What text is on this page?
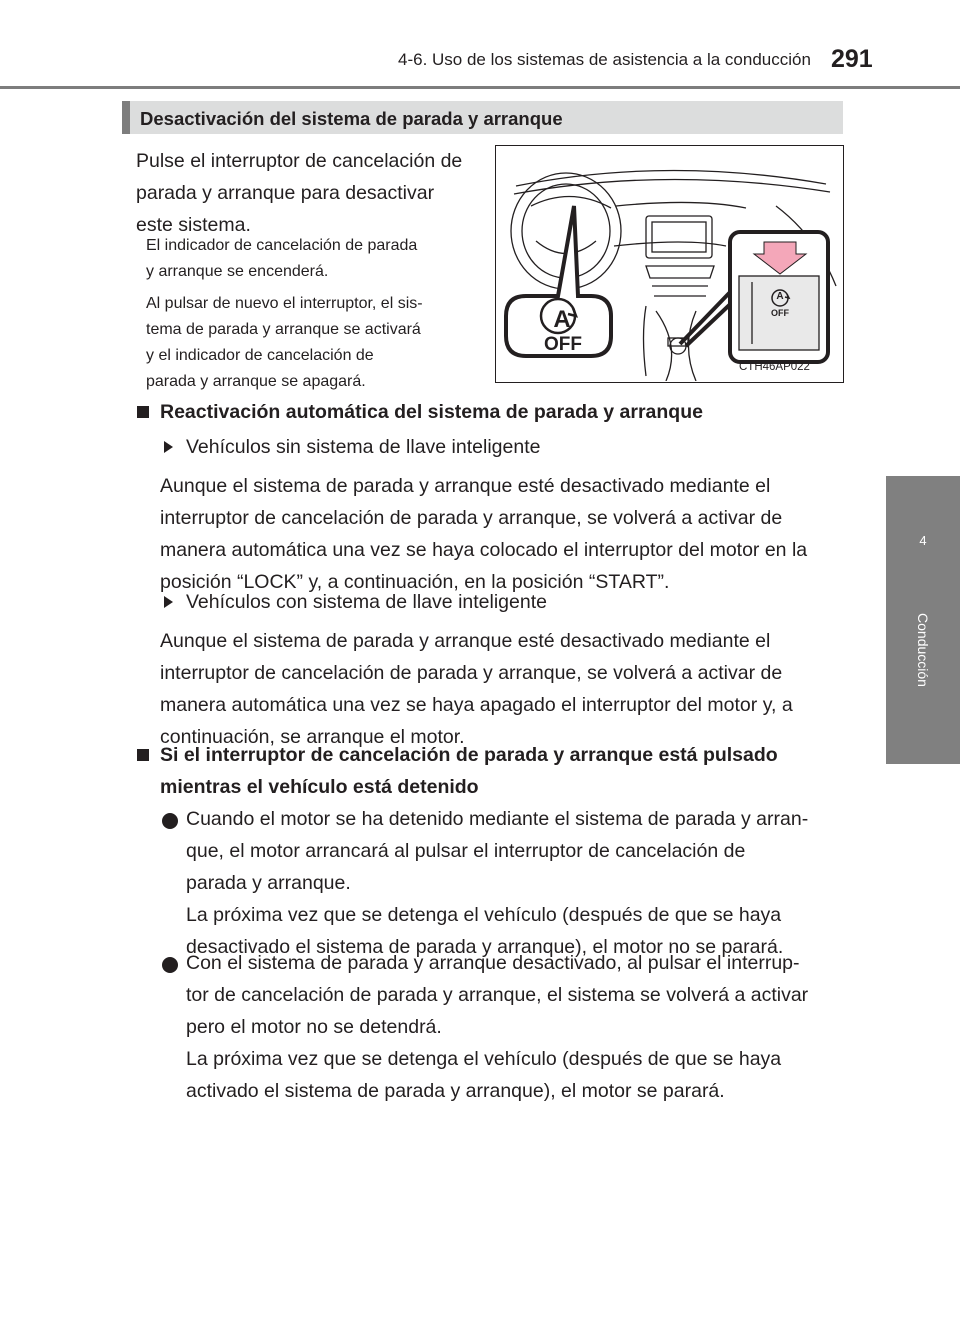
4-6. Uso de los sistemas de asistencia a la conducción 291
4
Conducción
Desactivación del sistema de parada y arranque
Pulse el interruptor de cancelación de
parada y arranque para desactivar
este sistema.
El indicador de cancelación de parada
y arranque se encenderá.
Al pulsar de nuevo el interruptor, el sis-
tema de parada y arranque se activará
y el indicador de cancelación de
parada y arranque se apagará.
A
OFF
A
OFF
CTH46AP022
Reactivación automática del sistema de parada y arranque
Vehículos sin sistema de llave inteligente
Aunque el sistema de parada y arranque esté desactivado mediante el
interruptor de cancelación de parada y arranque, se volverá a activar de
manera automática una vez se haya colocado el interruptor del motor en la
posición “LOCK” y, a continuación, en la posición “START”.
Vehículos con sistema de llave inteligente
Aunque el sistema de parada y arranque esté desactivado mediante el
interruptor de cancelación de parada y arranque, se volverá a activar de
manera automática una vez se haya apagado el interruptor del motor y, a
continuación, se arranque el motor.
Si el interruptor de cancelación de parada y arranque está pulsado
mientras el vehículo está detenido
Cuando el motor se ha detenido mediante el sistema de parada y arran-
que, el motor arrancará al pulsar el interruptor de cancelación de
parada y arranque.
La próxima vez que se detenga el vehículo (después de que se haya
desactivado el sistema de parada y arranque), el motor no se parará.
Con el sistema de parada y arranque desactivado, al pulsar el interrup-
tor de cancelación de parada y arranque, el sistema se volverá a activar
pero el motor no se detendrá.
La próxima vez que se detenga el vehículo (después de que se haya
activado el sistema de parada y arranque), el motor se parará.
